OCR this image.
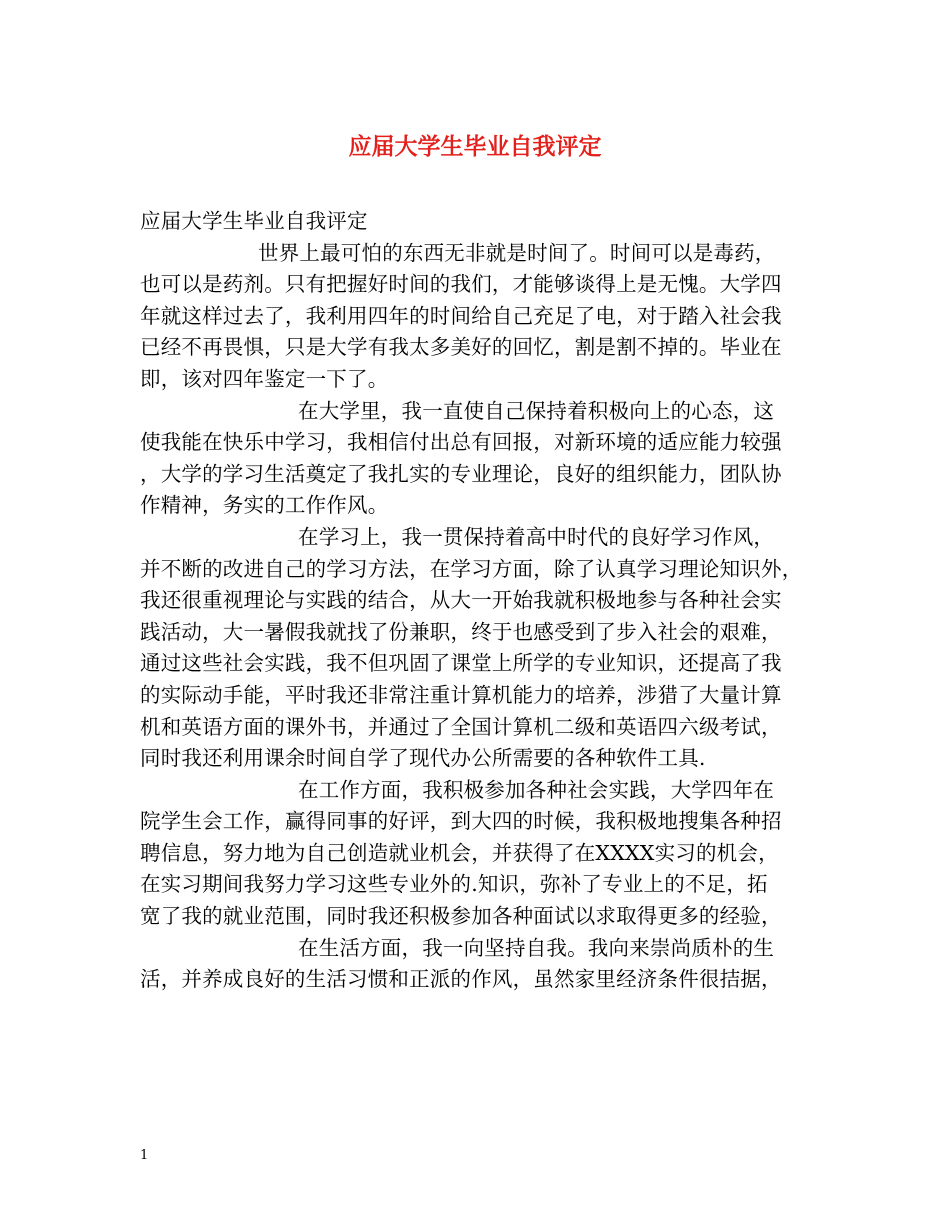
应届大学生毕业自我评定
应届大学生毕业自我评定
世界上最可怕的东西无非就是时间了。时间可以是毒药，
也可以是药剂。只有把握好时间的我们，才能够谈得上是无愧。大学四
年就这样过去了，我利用四年的时间给自己充足了电，对于踏入社会我
已经不再畏惧，只是大学有我太多美好的回忆，割是割不掉的。毕业在
即，该对四年鉴定一下了。
在大学里，我一直使自己保持着积极向上的心态，这
使我能在快乐中学习，我相信付出总有回报，对新环境的适应能力较强
，大学的学习生活奠定了我扎实的专业理论，良好的组织能力，团队协
作精神，务实的工作作风。
在学习上，我一贯保持着高中时代的良好学习作风，
并不断的改进自己的学习方法，在学习方面，除了认真学习理论知识外，
我还很重视理论与实践的结合，从大一开始我就积极地参与各种社会实
践活动，大一暑假我就找了份兼职，终于也感受到了步入社会的艰难，
通过这些社会实践，我不但巩固了课堂上所学的专业知识，还提高了我
的实际动手能，平时我还非常注重计算机能力的培养，涉猎了大量计算
机和英语方面的课外书，并通过了全国计算机二级和英语四六级考试，
同时我还利用课余时间自学了现代办公所需要的各种软件工具.
在工作方面，我积极参加各种社会实践，大学四年在
院学生会工作，赢得同事的好评，到大四的时候，我积极地搜集各种招
聘信息，努力地为自己创造就业机会，并获得了在XXXX实习的机会，
在实习期间我努力学习这些专业外的.知识，弥补了专业上的不足，拓
宽了我的就业范围，同时我还积极参加各种面试以求取得更多的经验，
在生活方面，我一向坚持自我。我向来崇尚质朴的生
活，并养成良好的生活习惯和正派的作风，虽然家里经济条件很拮据，
1
